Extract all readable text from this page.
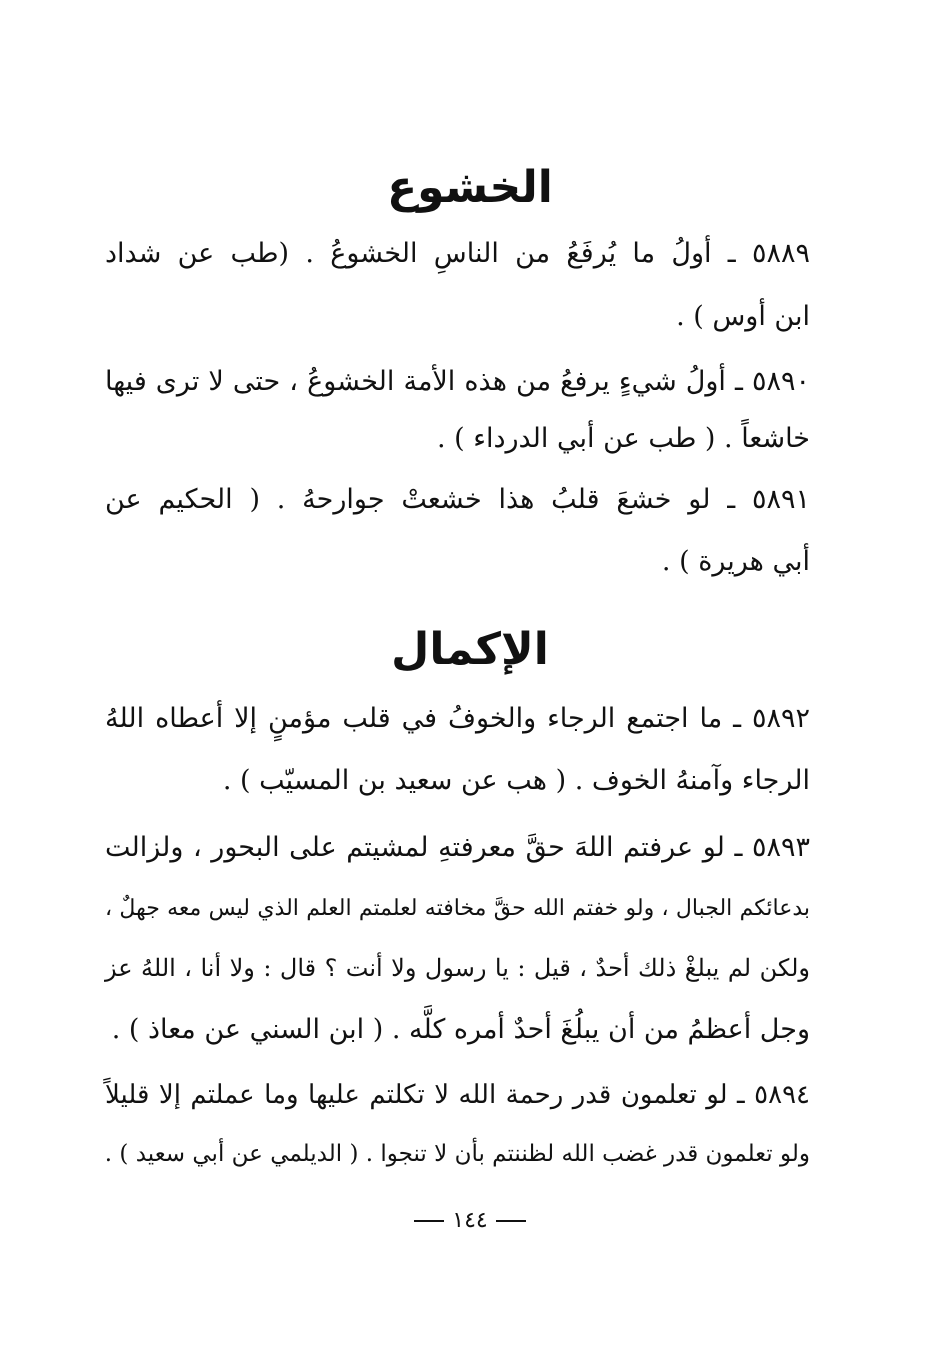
الخشوع
٥٨٨٩ ـ أولُ ما يُرفَعُ من الناسِ الخشوعُ . (طب عن شداد
ابن أوس ) .
٥٨٩٠ ـ أولُ شيءٍ يرفعُ من هذه الأمة الخشوعُ ، حتى لا ترى فيها
خاشعاً . ( طب عن أبي الدرداء ) .
٥٨٩١ ـ لو خشعَ قلبُ هذا خشعتْ جوارحهُ . ( الحكيم عن
أبي هريرة ) .
الإكمال
٥٨٩٢ ـ ما اجتمع الرجاء والخوفُ في قلب مؤمنٍ إلا أعطاه اللهُ
الرجاء وآمنهُ الخوف . ( هب عن سعيد بن المسيّب ) .
٥٨٩٣ ـ لو عرفتم اللهَ حقَّ معرفتهِ لمشيتم على البحور ، ولزالت
بدعائكم الجبال ، ولو خفتم الله حقَّ مخافته لعلمتم العلم الذي ليس معه جهلٌ ،
ولكن لم يبلغْ ذلك أحدٌ ، قيل : يا رسول ولا أنت ؟ قال : ولا أنا ، اللهُ عز
وجل أعظمُ من أن يبلُغَ أحدٌ أمره كلَّه . ( ابن السني عن معاذ ) .
٥٨٩٤ ـ لو تعلمون قدر رحمة الله لا تكلتم عليها وما عملتم إلا قليلاً
ولو تعلمون قدر غضب الله لظننتم بأن لا تنجوا . ( الديلمي عن أبي سعيد ) .
١٤٤
